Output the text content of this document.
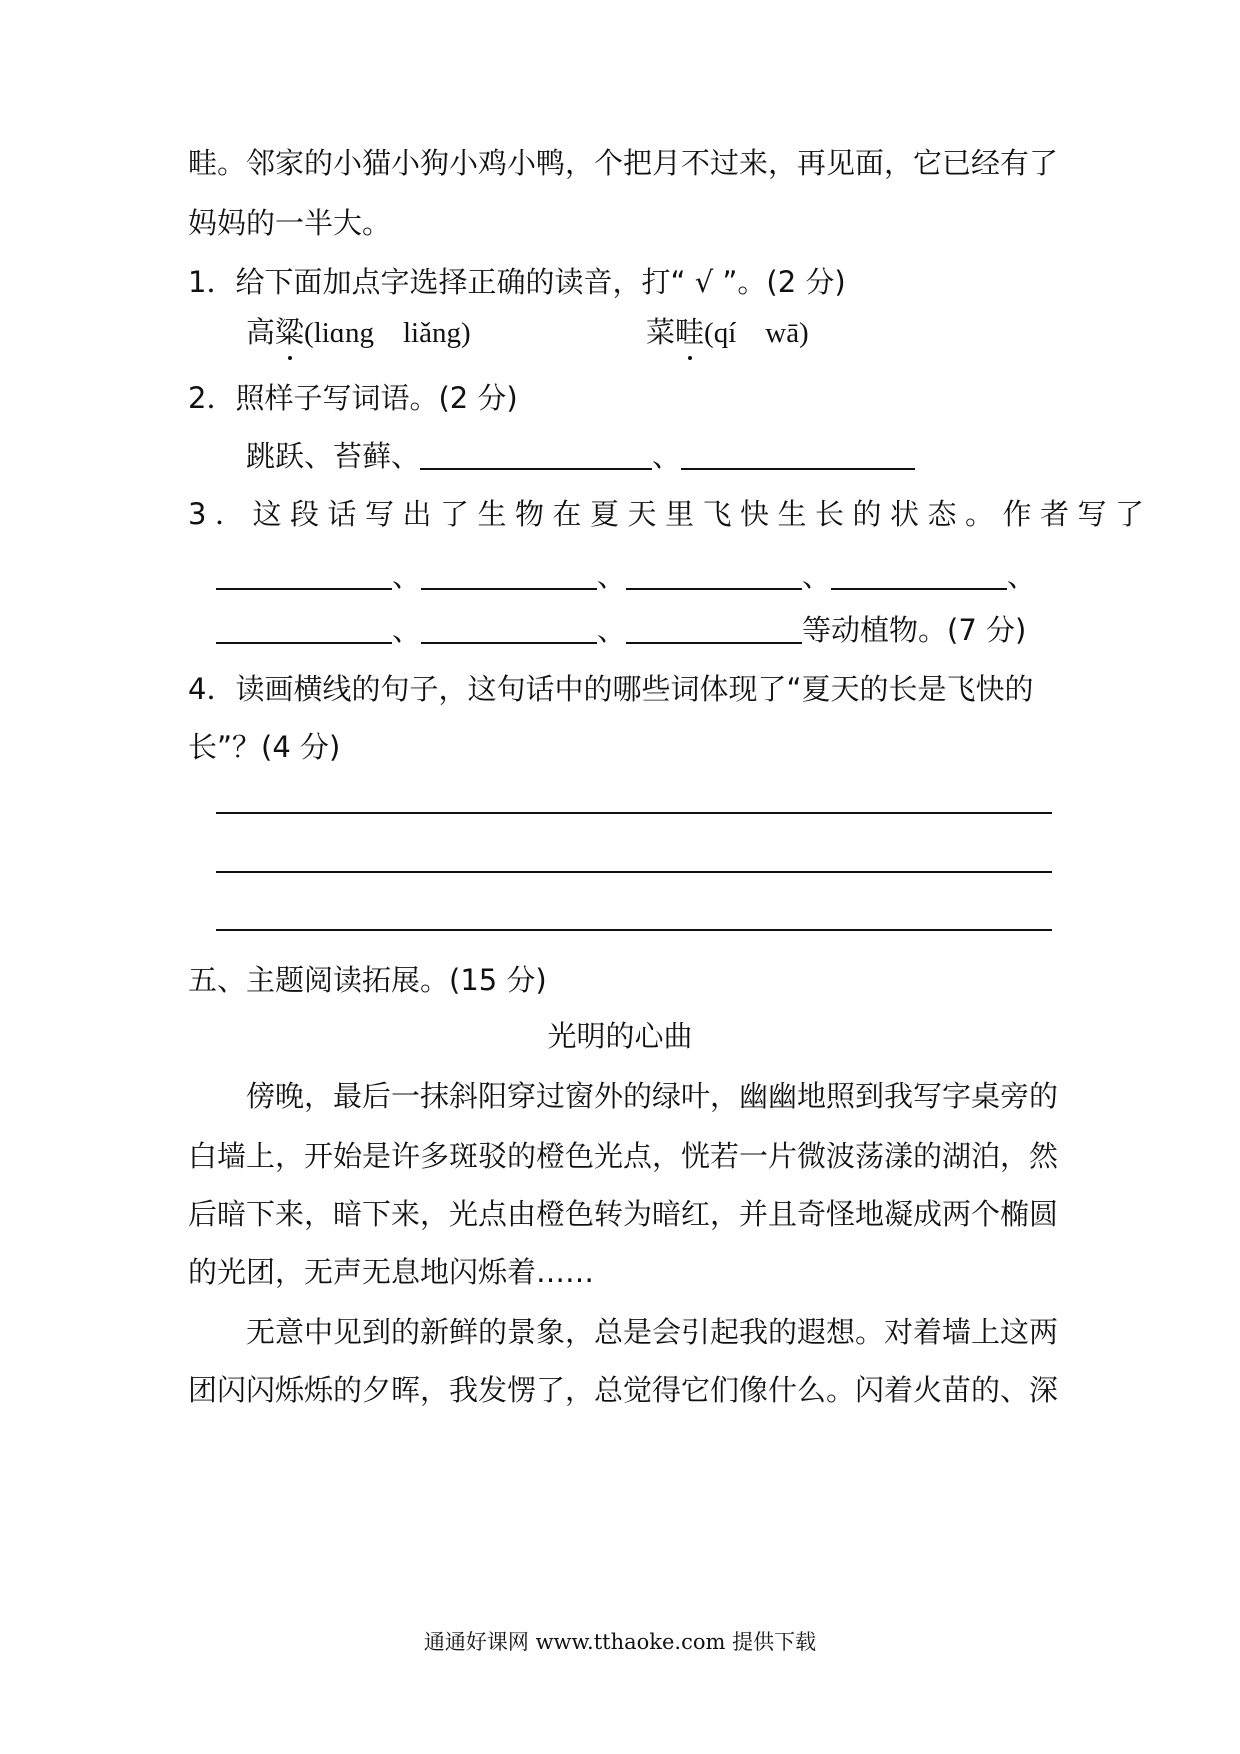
畦。邻家的小猫小狗小鸡小鸭，个把月不过来，再见面，它已经有了
妈妈的一半大。
1．给下面加点字选择正确的读音，打“ √ ”。(2 分)
高粱(liɑng　liǎng)	菜畦(qí　wā)
2．照样子写词语。(2 分)
跳跃、苔藓、	、
3．这段话写出了生物在夏天里飞快生长的状态。作者写了
、	、	、	、
、	、	等动植物。(7 分)
4．读画横线的句子，这句话中的哪些词体现了“夏天的长是飞快的
长”？(4 分)
五、主题阅读拓展。(15 分)
光明的心曲
傍晚，最后一抹斜阳穿过窗外的绿叶，幽幽地照到我写字桌旁的
白墙上，开始是许多斑驳的橙色光点，恍若一片微波荡漾的湖泊，然
后暗下来，暗下来，光点由橙色转为暗红，并且奇怪地凝成两个椭圆
的光团，无声无息地闪烁着……
无意中见到的新鲜的景象，总是会引起我的遐想。对着墙上这两
团闪闪烁烁的夕晖，我发愣了，总觉得它们像什么。闪着火苗的、深
通通好课网 www.tthaoke.com 提供下载
